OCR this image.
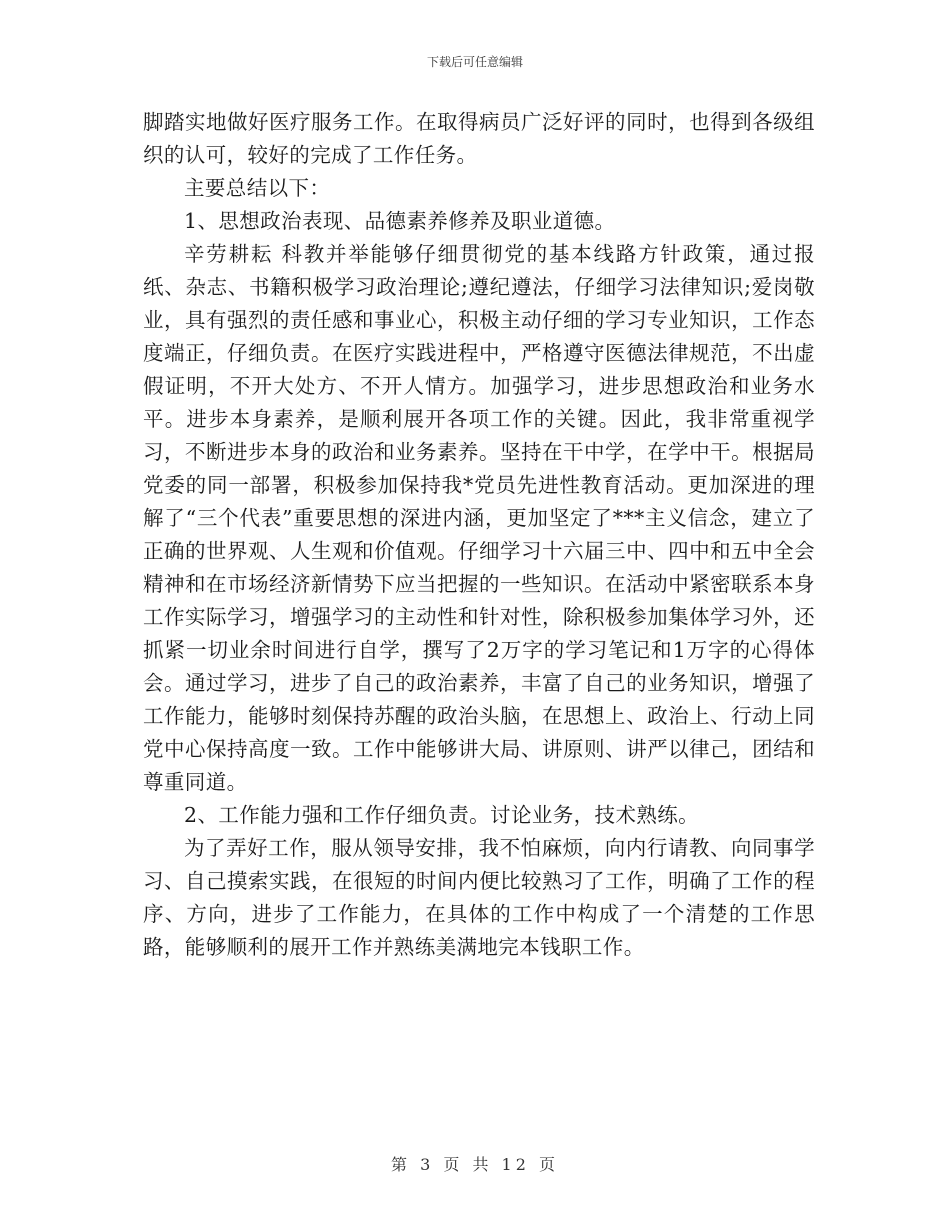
下载后可任意编辑

脚踏实地做好医疗服务工作。在取得病员广泛好评的同时，也得到各级组织的认可，较好的完成了工作任务。

主要总结以下：

1、思想政治表现、品德素养修养及职业道德。

辛劳耕耘 科教并举能够仔细贯彻党的基本线路方针政策，通过报纸、杂志、书籍积极学习政治理论;遵纪遵法，仔细学习法律知识;爱岗敬业，具有强烈的责任感和事业心，积极主动仔细的学习专业知识，工作态度端正，仔细负责。在医疗实践进程中，严格遵守医德法律规范，不出虚假证明，不开大处方、不开人情方。加强学习，进步思想政治和业务水平。进步本身素养，是顺利展开各项工作的关键。因此，我非常重视学习，不断进步本身的政治和业务素养。坚持在干中学，在学中干。根据局党委的同一部署，积极参加保持我*党员先进性教育活动。更加深进的理解了“三个代表”重要思想的深进内涵，更加坚定了***主义信念，建立了正确的世界观、人生观和价值观。仔细学习十六届三中、四中和五中全会精神和在市场经济新情势下应当把握的一些知识。在活动中紧密联系本身工作实际学习，增强学习的主动性和针对性，除积极参加集体学习外，还抓紧一切业余时间进行自学，撰写了2万字的学习笔记和1万字的心得体会。通过学习，进步了自己的政治素养，丰富了自己的业务知识，增强了工作能力，能够时刻保持苏醒的政治头脑，在思想上、政治上、行动上同党中心保持高度一致。工作中能够讲大局、讲原则、讲严以律己，团结和尊重同道。

2、工作能力强和工作仔细负责。讨论业务，技术熟练。

为了弄好工作，服从领导安排，我不怕麻烦，向内行请教、向同事学习、自己摸索实践，在很短的时间内便比较熟习了工作，明确了工作的程序、方向，进步了工作能力，在具体的工作中构成了一个清楚的工作思路，能够顺利的展开工作并熟练美满地完本钱职工作。

第 3 页 共 12 页
